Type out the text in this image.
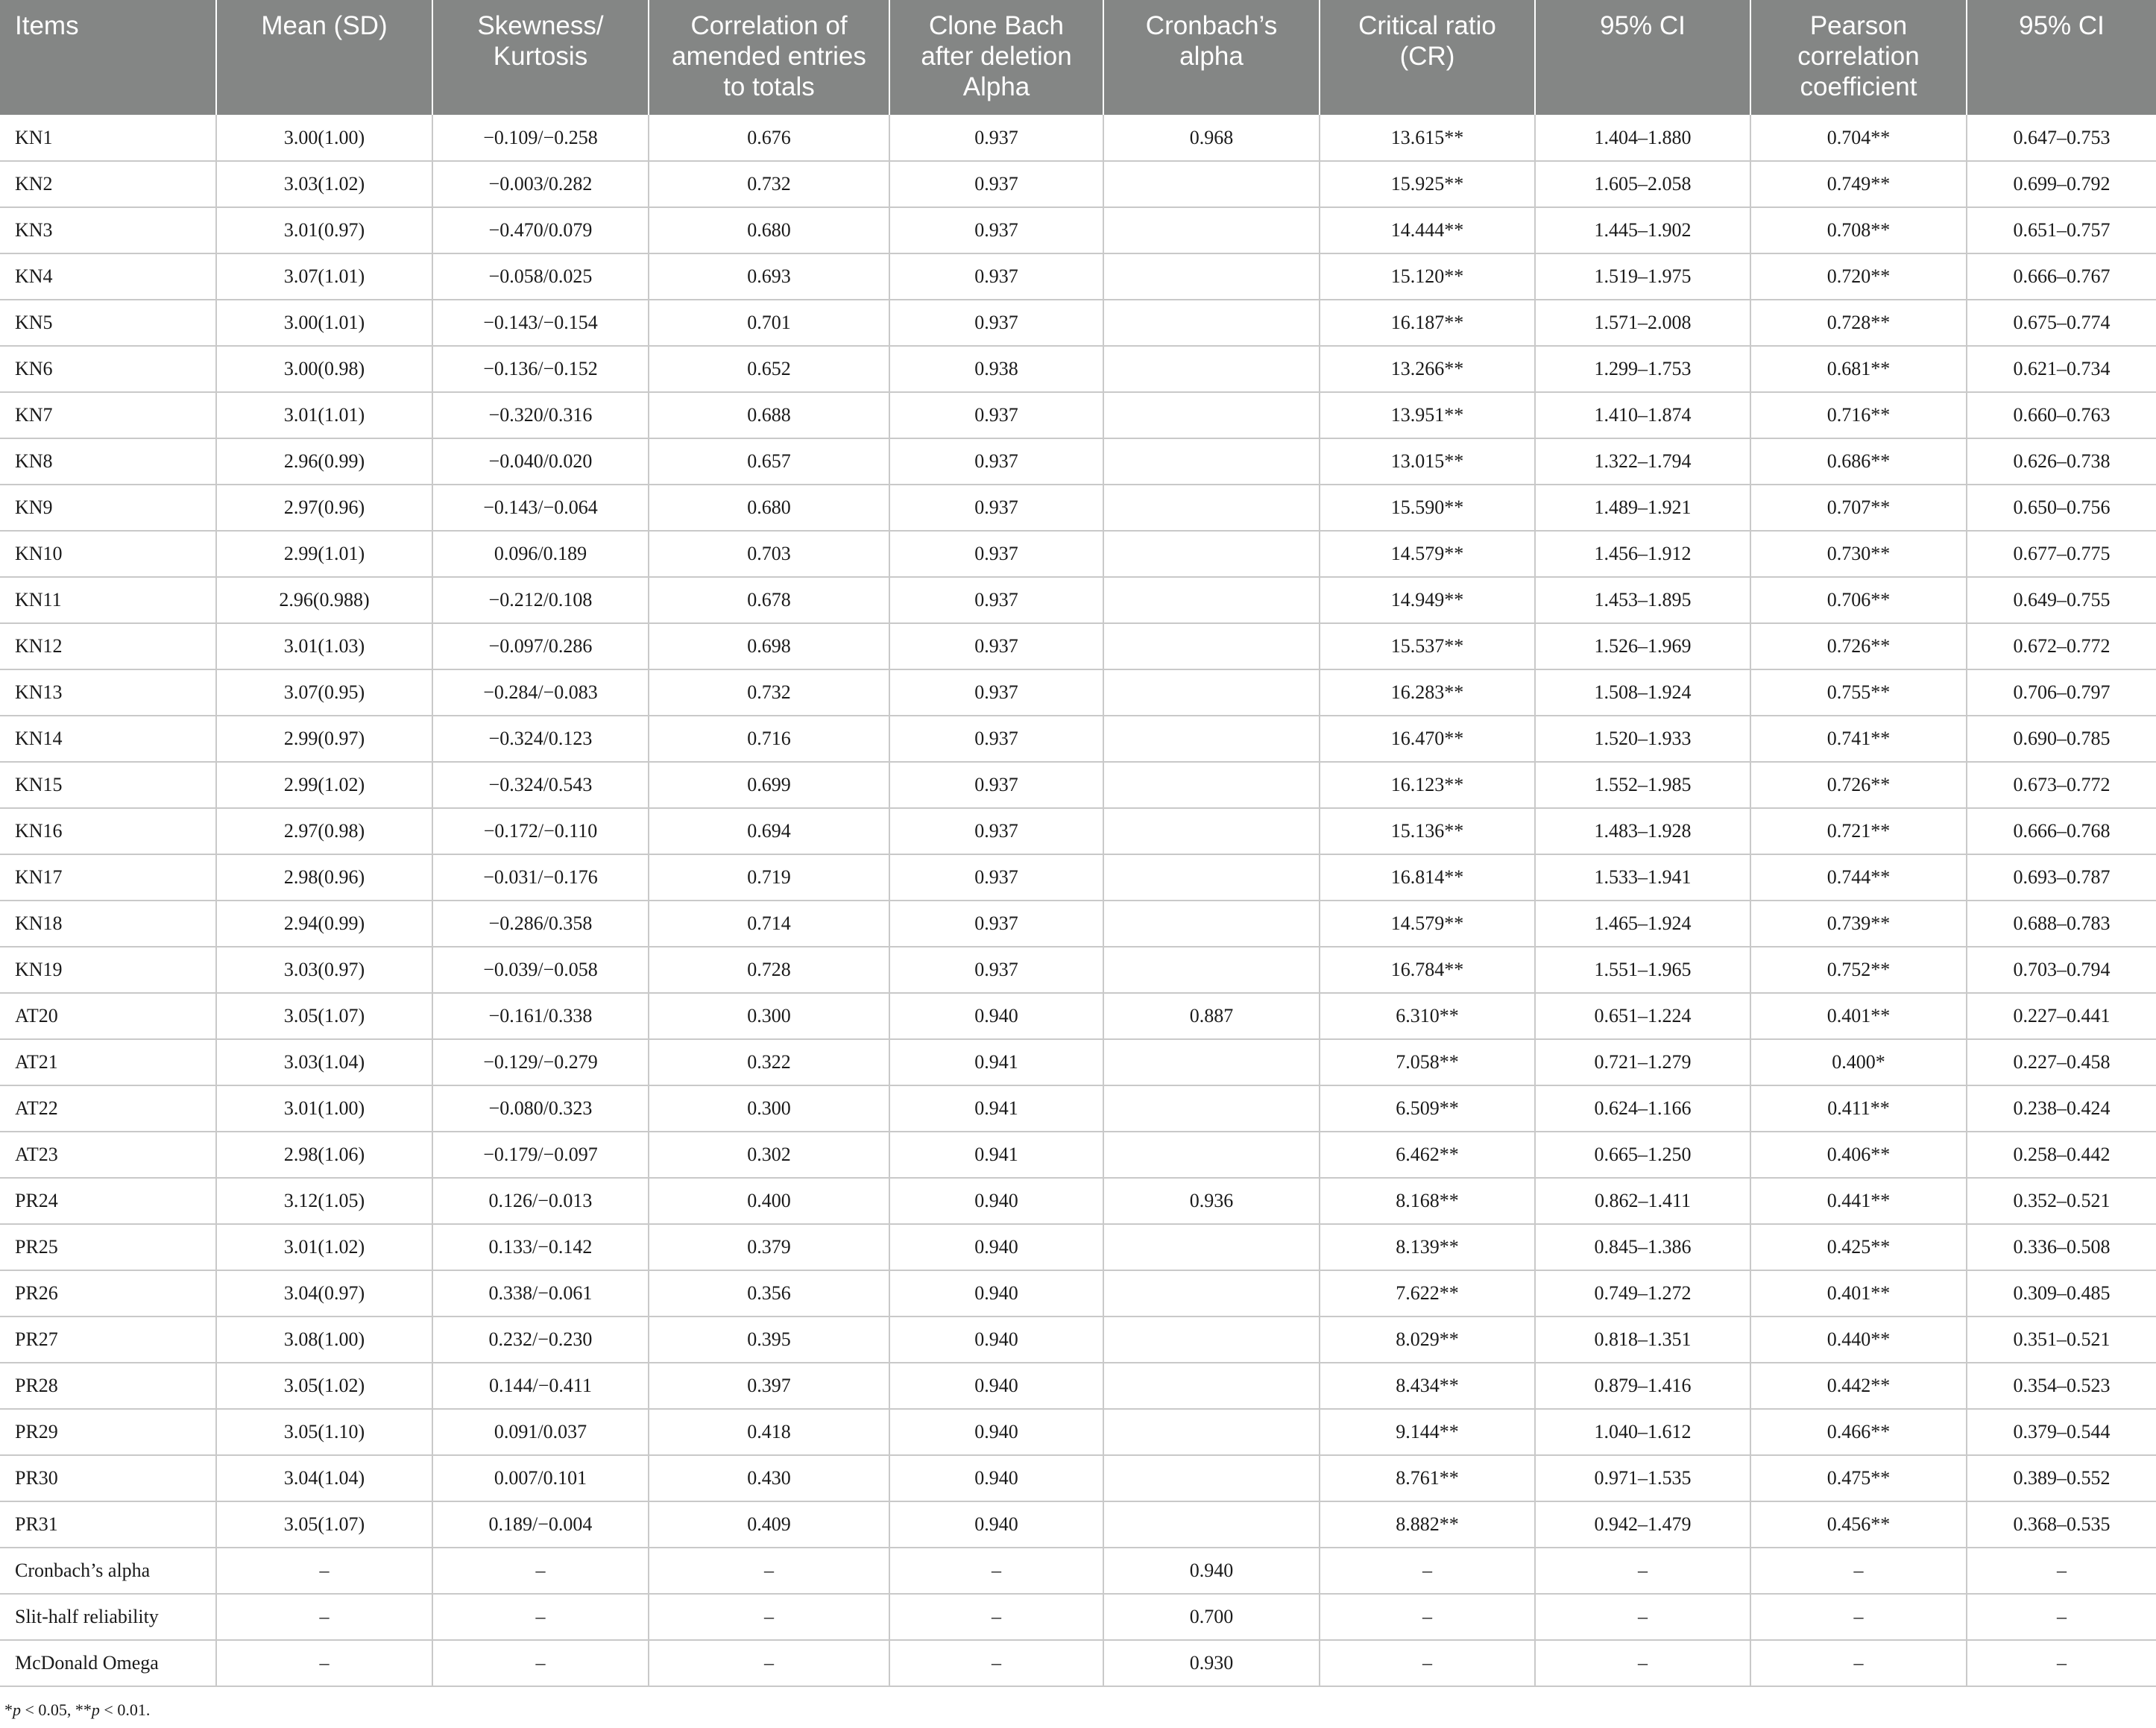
Items	Mean (SD)	Skewness/ Kurtosis	Correlation of amended entries to totals	Clone Bach after deletion Alpha	Cronbach’s alpha	Critical ratio (CR)	95% CI	Pearson correlation coefficient	95% CI
KN1	3.00(1.00)	−0.109/−0.258	0.676	0.937	0.968	13.615**	1.404–1.880	0.704**	0.647–0.753
KN2	3.03(1.02)	−0.003/0.282	0.732	0.937		15.925**	1.605–2.058	0.749**	0.699–0.792
KN3	3.01(0.97)	−0.470/0.079	0.680	0.937		14.444**	1.445–1.902	0.708**	0.651–0.757
KN4	3.07(1.01)	−0.058/0.025	0.693	0.937		15.120**	1.519–1.975	0.720**	0.666–0.767
KN5	3.00(1.01)	−0.143/−0.154	0.701	0.937		16.187**	1.571–2.008	0.728**	0.675–0.774
KN6	3.00(0.98)	−0.136/−0.152	0.652	0.938		13.266**	1.299–1.753	0.681**	0.621–0.734
KN7	3.01(1.01)	−0.320/0.316	0.688	0.937		13.951**	1.410–1.874	0.716**	0.660–0.763
KN8	2.96(0.99)	−0.040/0.020	0.657	0.937		13.015**	1.322–1.794	0.686**	0.626–0.738
KN9	2.97(0.96)	−0.143/−0.064	0.680	0.937		15.590**	1.489–1.921	0.707**	0.650–0.756
KN10	2.99(1.01)	0.096/0.189	0.703	0.937		14.579**	1.456–1.912	0.730**	0.677–0.775
KN11	2.96(0.988)	−0.212/0.108	0.678	0.937		14.949**	1.453–1.895	0.706**	0.649–0.755
KN12	3.01(1.03)	−0.097/0.286	0.698	0.937		15.537**	1.526–1.969	0.726**	0.672–0.772
KN13	3.07(0.95)	−0.284/−0.083	0.732	0.937		16.283**	1.508–1.924	0.755**	0.706–0.797
KN14	2.99(0.97)	−0.324/0.123	0.716	0.937		16.470**	1.520–1.933	0.741**	0.690–0.785
KN15	2.99(1.02)	−0.324/0.543	0.699	0.937		16.123**	1.552–1.985	0.726**	0.673–0.772
KN16	2.97(0.98)	−0.172/−0.110	0.694	0.937		15.136**	1.483–1.928	0.721**	0.666–0.768
KN17	2.98(0.96)	−0.031/−0.176	0.719	0.937		16.814**	1.533–1.941	0.744**	0.693–0.787
KN18	2.94(0.99)	−0.286/0.358	0.714	0.937		14.579**	1.465–1.924	0.739**	0.688–0.783
KN19	3.03(0.97)	−0.039/−0.058	0.728	0.937		16.784**	1.551–1.965	0.752**	0.703–0.794
AT20	3.05(1.07)	−0.161/0.338	0.300	0.940	0.887	6.310**	0.651–1.224	0.401**	0.227–0.441
AT21	3.03(1.04)	−0.129/−0.279	0.322	0.941		7.058**	0.721–1.279	0.400*	0.227–0.458
AT22	3.01(1.00)	−0.080/0.323	0.300	0.941		6.509**	0.624–1.166	0.411**	0.238–0.424
AT23	2.98(1.06)	−0.179/−0.097	0.302	0.941		6.462**	0.665–1.250	0.406**	0.258–0.442
PR24	3.12(1.05)	0.126/−0.013	0.400	0.940	0.936	8.168**	0.862–1.411	0.441**	0.352–0.521
PR25	3.01(1.02)	0.133/−0.142	0.379	0.940		8.139**	0.845–1.386	0.425**	0.336–0.508
PR26	3.04(0.97)	0.338/−0.061	0.356	0.940		7.622**	0.749–1.272	0.401**	0.309–0.485
PR27	3.08(1.00)	0.232/−0.230	0.395	0.940		8.029**	0.818–1.351	0.440**	0.351–0.521
PR28	3.05(1.02)	0.144/−0.411	0.397	0.940		8.434**	0.879–1.416	0.442**	0.354–0.523
PR29	3.05(1.10)	0.091/0.037	0.418	0.940		9.144**	1.040–1.612	0.466**	0.379–0.544
PR30	3.04(1.04)	0.007/0.101	0.430	0.940		8.761**	0.971–1.535	0.475**	0.389–0.552
PR31	3.05(1.07)	0.189/−0.004	0.409	0.940		8.882**	0.942–1.479	0.456**	0.368–0.535
Cronbach’s alpha	–	–	–	–	0.940	–	–	–	–
Slit-half reliability	–	–	–	–	0.700	–	–	–	–
McDonald Omega	–	–	–	–	0.930	–	–	–	–
*p < 0.05, **p < 0.01.
